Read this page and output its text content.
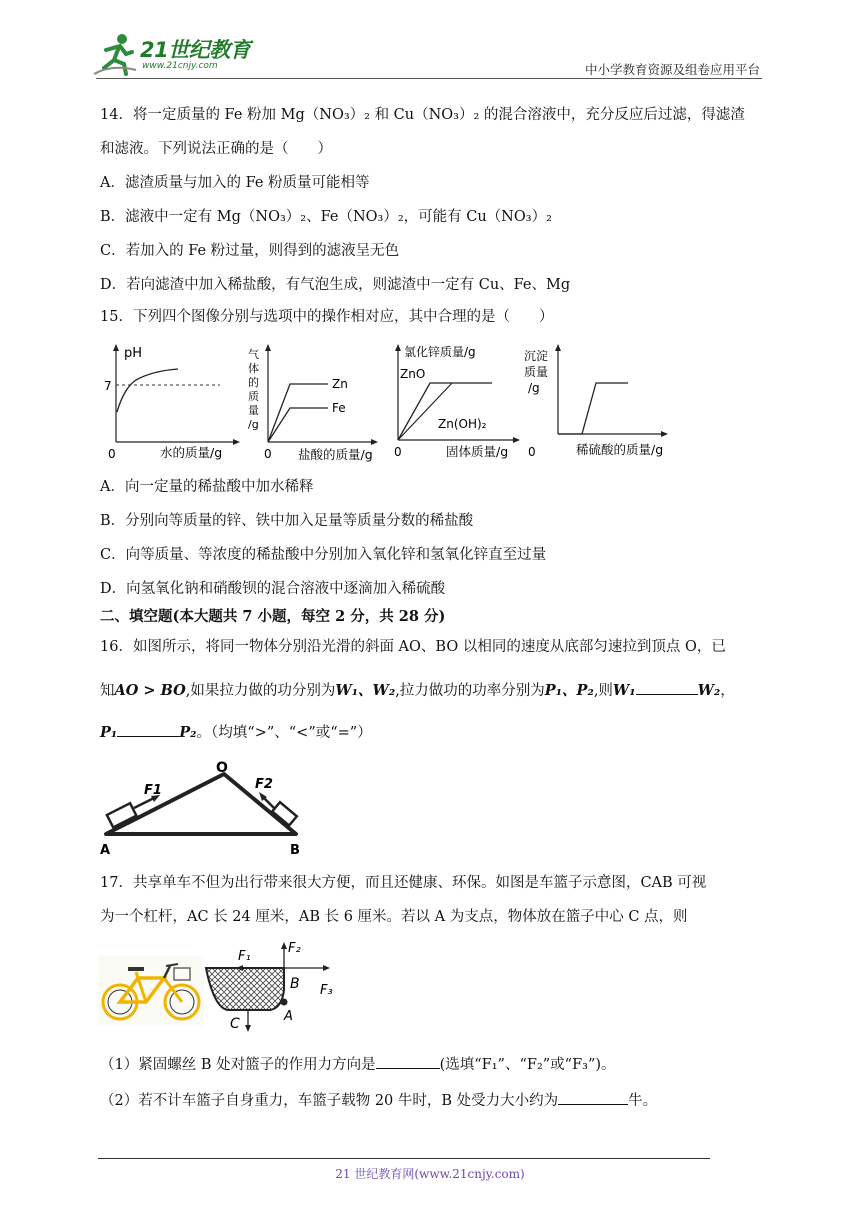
21世纪教育
www.21cnjy.com	中小学教育资源及组卷应用平台
14．将一定质量的 Fe 粉加 Mg（NO₃）₂ 和 Cu（NO₃）₂ 的混合溶液中，充分反应后过滤，得滤渣
和滤液。下列说法正确的是（　　）
A．滤渣质量与加入的 Fe 粉质量可能相等
B．滤液中一定有 Mg（NO₃）₂、Fe（NO₃）₂，可能有 Cu（NO₃）₂
C．若加入的 Fe 粉过量，则得到的滤液呈无色
D．若向滤渣中加入稀盐酸，有气泡生成，则滤渣中一定有 Cu、Fe、Mg
15．下列四个图像分别与选项中的操作相对应，其中合理的是（　　）
pH
7
0	水的质量/g
气
体
的
质
量
/g
Zn
Fe
0 盐酸的质量/g
氯化锌质量/g
ZnO
Zn(OH)₂
0	固体质量/g
沉淀
质量
/g
0	稀硫酸的质量/g
A．向一定量的稀盐酸中加水稀释
B．分别向等质量的锌、铁中加入足量等质量分数的稀盐酸
C．向等质量、等浓度的稀盐酸中分别加入氧化锌和氢氧化锌直至过量
D．向氢氧化钠和硝酸钡的混合溶液中逐滴加入稀硫酸
二、填空题(本大题共 7 小题，每空 2 分，共 28 分)
16．如图所示，将同一物体分别沿光滑的斜面 AO、BO 以相同的速度从底部匀速拉到顶点 O，已
知AO > BO,如果拉力做的功分别为W₁、W₂,拉力做功的功率分别为P₁、P₂,则W₁	W₂，
P₁	P₂。（均填“>”、“<”或“=”）
O
A	B
F1	F2
17．共享单车不但为出行带来很大方便，而且还健康、环保。如图是车篮子示意图，CAB 可视
为一个杠杆，AC 长 24 厘米，AB 长 6 厘米。若以 A 为支点，物体放在篮子中心 C 点，则
F₁
F₂
F₃
B
A
C
（1）紧固螺丝 B 处对篮子的作用力方向是	(选填“F₁”、“F₂”或“F₃”)。
（2）若不计车篮子自身重力，车篮子载物 20 牛时，B 处受力大小约为	牛。
21 世纪教育网(www.21cnjy.com)
